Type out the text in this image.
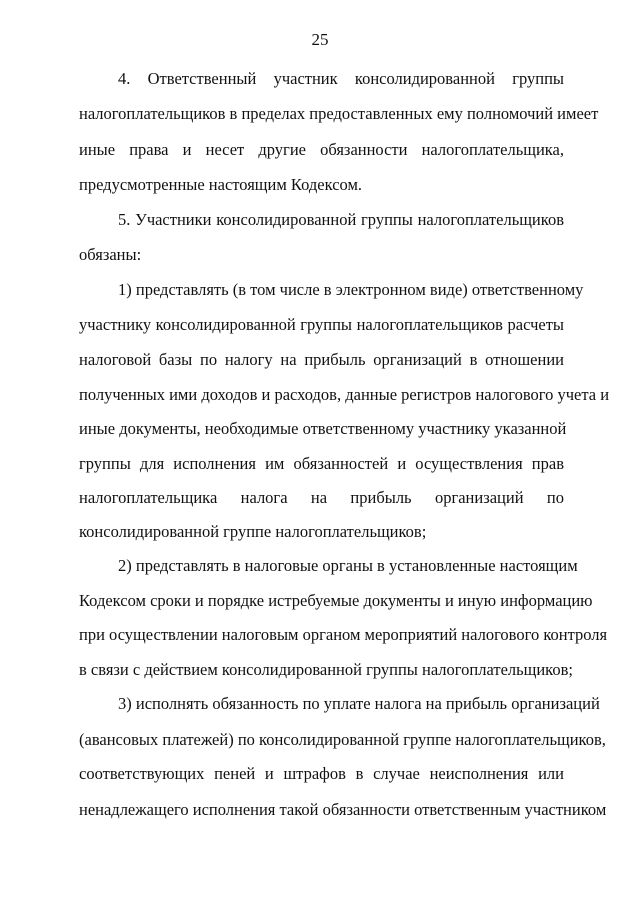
25
4. Ответственный участник консолидированной группы
налогоплательщиков в пределах предоставленных ему полномочий имеет
иные права и несет другие обязанности налогоплательщика,
предусмотренные настоящим Кодексом.
5. Участники консолидированной группы налогоплательщиков
обязаны:
1) представлять (в том числе в электронном виде) ответственному
участнику консолидированной группы налогоплательщиков расчеты
налоговой базы по налогу на прибыль организаций в отношении
полученных ими доходов и расходов, данные регистров налогового учета и
иные документы, необходимые ответственному участнику указанной
группы для исполнения им обязанностей и осуществления прав
налогоплательщика налога на прибыль организаций по
консолидированной группе налогоплательщиков;
2) представлять в налоговые органы в установленные настоящим
Кодексом сроки и порядке истребуемые документы и иную информацию
при осуществлении налоговым органом мероприятий налогового контроля
в связи с действием консолидированной группы налогоплательщиков;
3) исполнять обязанность по уплате налога на прибыль организаций
(авансовых платежей) по консолидированной группе налогоплательщиков,
соответствующих пеней и штрафов в случае неисполнения или
ненадлежащего исполнения такой обязанности ответственным участником
